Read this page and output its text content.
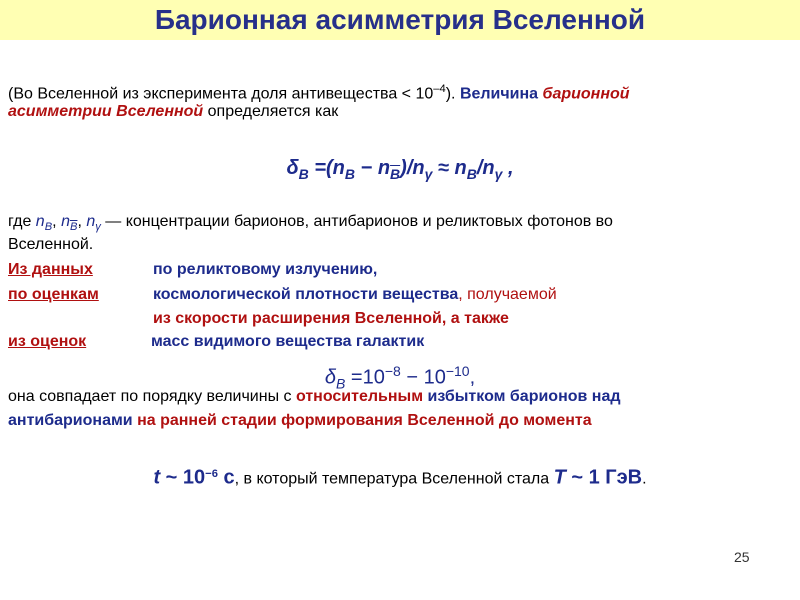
Барионная асимметрия Вселенной
(Во Вселенной из эксперимента доля антивещества < $10^{-4}$). Величина барионной
асимметрии Вселенной определяется как
$\delta_B =(n_B - n_{\overline{B}})/n_\gamma \approx n_B/n_\gamma$ ,
где $n_B$, $n_{\overline{B}}$, $n_\gamma$ — концентрации барионов, антибарионов и реликтовых фотонов во
Вселенной.
Из данных	по реликтовому излучению,
по оценкам	космологической плотности вещества, получаемой
из скорости расширения Вселенной, а также
из оценок	масс видимого вещества галактик
$\delta_B =10^{-8} - 10^{-10}$,
она совпадает по порядку величины с относительным избытком барионов над
антибарионами на ранней стадии формирования Вселенной до момента
t ~ $10^{-6}$ с, в который температура Вселенной стала T ~ 1 ГэВ.
25
